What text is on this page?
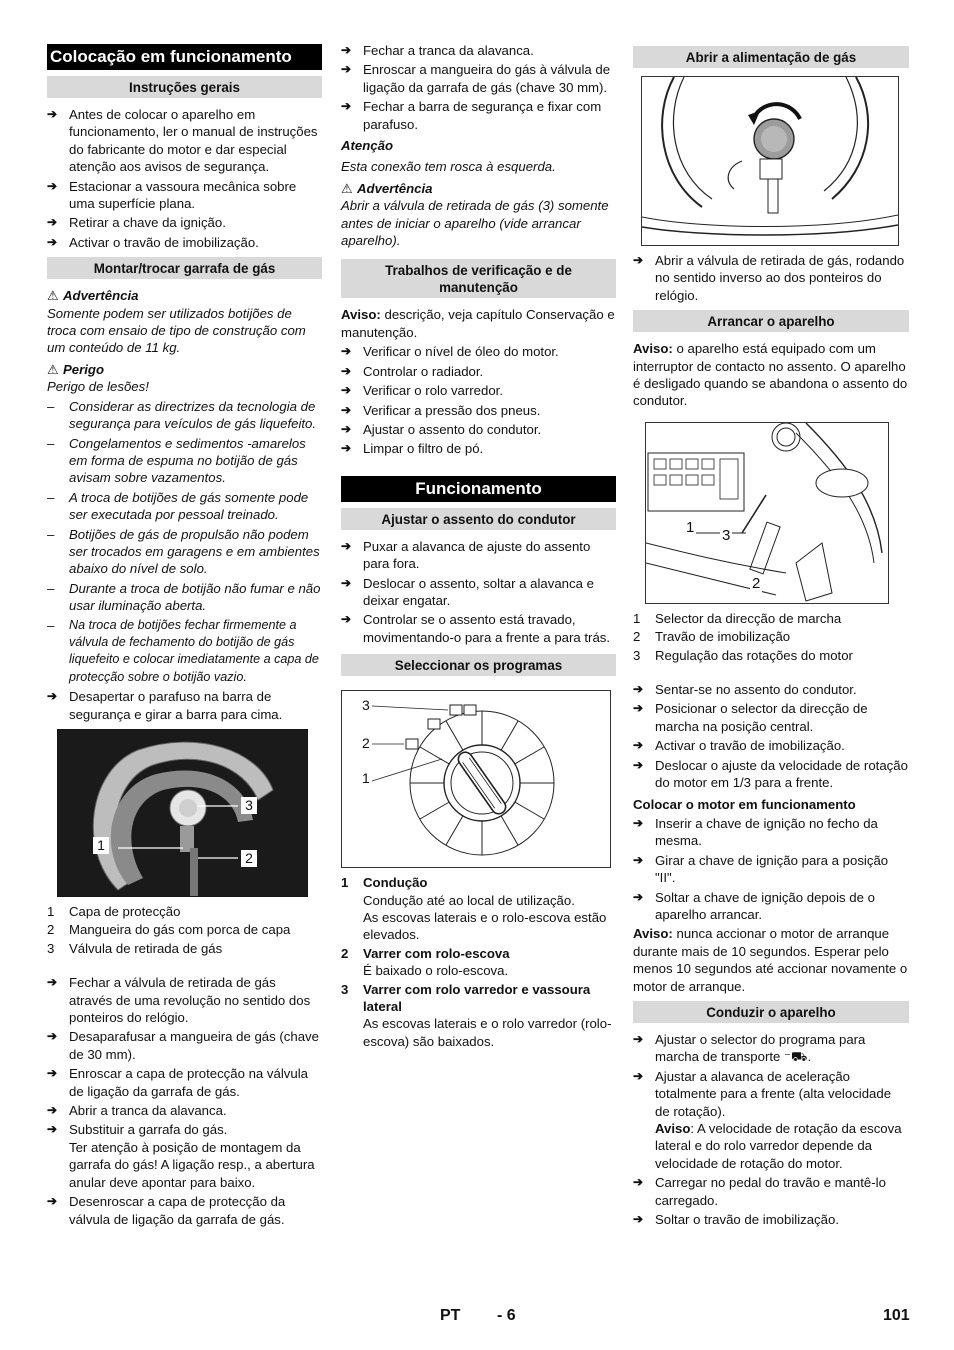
Colocação em funcionamento
Instruções gerais
➔ Antes de colocar o aparelho em funcionamento, ler o manual de instruções do fabricante do motor e dar especial atenção aos avisos de segurança.
➔ Estacionar a vassoura mecânica sobre uma superfície plana.
➔ Retirar a chave da ignição.
➔ Activar o travão de imobilização.
Montar/trocar garrafa de gás
⚠ Advertência

Somente podem ser utilizados botijões de troca com ensaio de tipo de construção com um conteúdo de 11 kg.

⚠ Perigo

Perigo de lesões!

–	Considerar as directrizes da tecnologia de segurança para veículos de gás liquefeito.
–	Congelamentos e sedimentos -amarelos em forma de espuma no botijão de gás avisam sobre vazamentos.
–	A troca de botijões de gás somente pode ser executada por pessoal treinado.
–	Botijões de gás de propulsão não podem ser trocados em garagens e em ambientes abaixo do nível de solo.
–	Durante a troca de botijão não fumar e não usar iluminação aberta.
–	Na troca de botijões fechar firmemente a válvula de fechamento do botijão de gás liquefeito e colocar imediatamente a capa de protecção sobre o botijão vazio.
➔ Desapertar o parafuso na barra de segurança e girar a barra para cima.
1
2
3
1	Capa de protecção
2	Mangueira do gás com porca de capa
3	Válvula de retirada de gás
➔ Fechar a válvula de retirada de gás através de uma revolução no sentido dos ponteiros do relógio.
➔ Desaparafusar a mangueira de gás (chave de 30 mm).
➔ Enroscar a capa de protecção na válvula de ligação da garrafa de gás.
➔ Abrir a tranca da alavanca.
➔ Substituir a garrafa do gás.
Ter atenção à posição de montagem da garrafa do gás! A ligação resp., a abertura anular deve apontar para baixo.
➔ Desenroscar a capa de protecção da válvula de ligação da garrafa de gás.
➔ Fechar a tranca da alavanca.
➔ Enroscar a mangueira do gás à válvula de ligação da garrafa de gás (chave 30 mm).
➔ Fechar a barra de segurança e fixar com parafuso.

Atenção

Esta conexão tem rosca à esquerda.

⚠ Advertência

Abrir a válvula de retirada de gás (3) somente antes de iniciar o aparelho (vide arrancar aparelho).

Trabalhos de verificação e de manutenção

Aviso: descrição, veja capítulo Conservação e manutenção.

➔ Verificar o nível de óleo do motor.
➔ Controlar o radiador.
➔ Verificar o rolo varredor.
➔ Verificar a pressão dos pneus.
➔ Ajustar o assento do condutor.
➔ Limpar o filtro de pó.
Funcionamento
Ajustar o assento do condutor
➔ Puxar a alavanca de ajuste do assento para fora.
➔ Deslocar o assento, soltar a alavanca e deixar engatar.
➔ Controlar se o assento está travado, movimentando-o para a frente a para trás.
Seleccionar os programas
3
2
1
1	Condução
Condução até ao local de utilização.
As escovas laterais e o rolo-escova estão elevados.
2	Varrer com rolo-escova
É baixado o rolo-escova.
3	Varrer com rolo varredor e vassoura lateral
As escovas laterais e o rolo varredor (rolo-escova) são baixados.
Abrir a alimentação de gás
➔ Abrir a válvula de retirada de gás, rodando no sentido inverso ao dos ponteiros do relógio.
Arrancar o aparelho

Aviso: o aparelho está equipado com um interruptor de contacto no assento. O aparelho é desligado quando se abandona o assento do condutor.

1 3
2
1	Selector da direcção de marcha
2	Travão de imobilização
3	Regulação das rotações do motor
➔ Sentar-se no assento do condutor.
➔ Posicionar o selector da direcção de marcha na posição central.
➔ Activar o travão de imobilização.
➔ Deslocar o ajuste da velocidade de rotação do motor em 1/3 para a frente.

Colocar o motor em funcionamento

➔ Inserir a chave de ignição no fecho da mesma.
➔ Girar a chave de ignição para a posição "II".
➔ Soltar a chave de ignição depois de o aparelho arrancar.

Aviso: nunca accionar o motor de arranque durante mais de 10 segundos. Esperar pelo menos 10 segundos até accionar novamente o motor de arranque.

Conduzir o aparelho
➔ Ajustar o selector do programa para marcha de transporte ⁻⛟.
➔ Ajustar a alavanca de aceleração totalmente para a frente (alta velocidade de rotação).
Aviso: A velocidade de rotação da escova lateral e do rolo varredor depende da velocidade de rotação do motor.
➔ Carregar no pedal do travão e mantê-lo carregado.
➔ Soltar o travão de imobilização.
PT - 6	101
